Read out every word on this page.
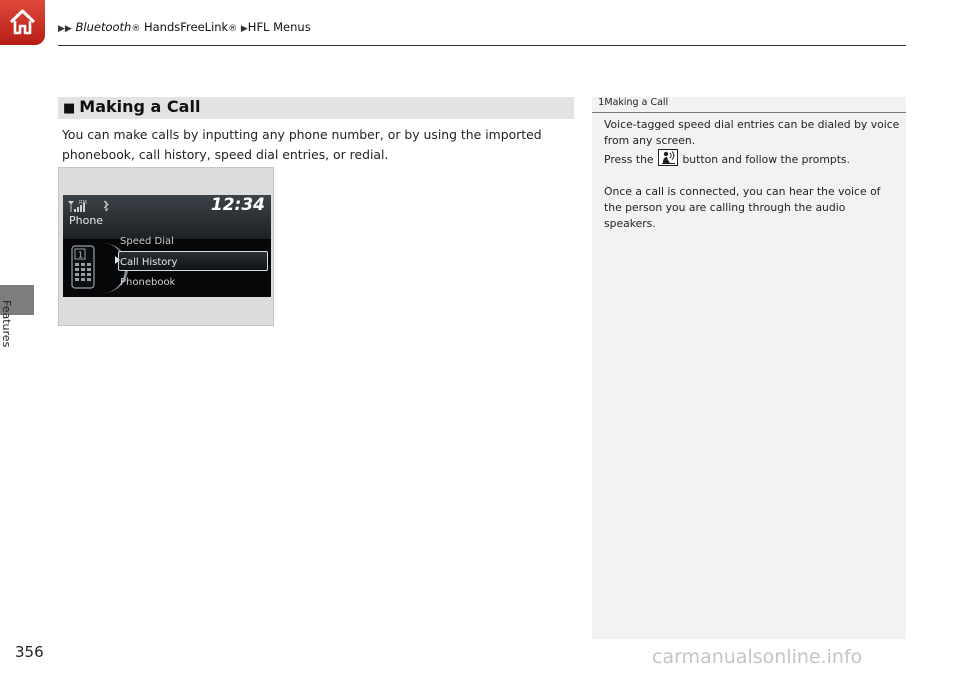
▶▶ Bluetooth® HandsFreeLink® ▶HFL Menus
Features
356
■ Making a Call
You can make calls by inputting any phone number, or by using the imported phonebook, call history, speed dial entries, or redial.
RM	12:34
Phone
1
Speed Dial
Call History
Phonebook
1Making a Call

Voice-tagged speed dial entries can be dialed by voice from any screen.

Press the	button and follow the prompts.

Once a call is connected, you can hear the voice of the person you are calling through the audio speakers.

carmanualsonline.info
